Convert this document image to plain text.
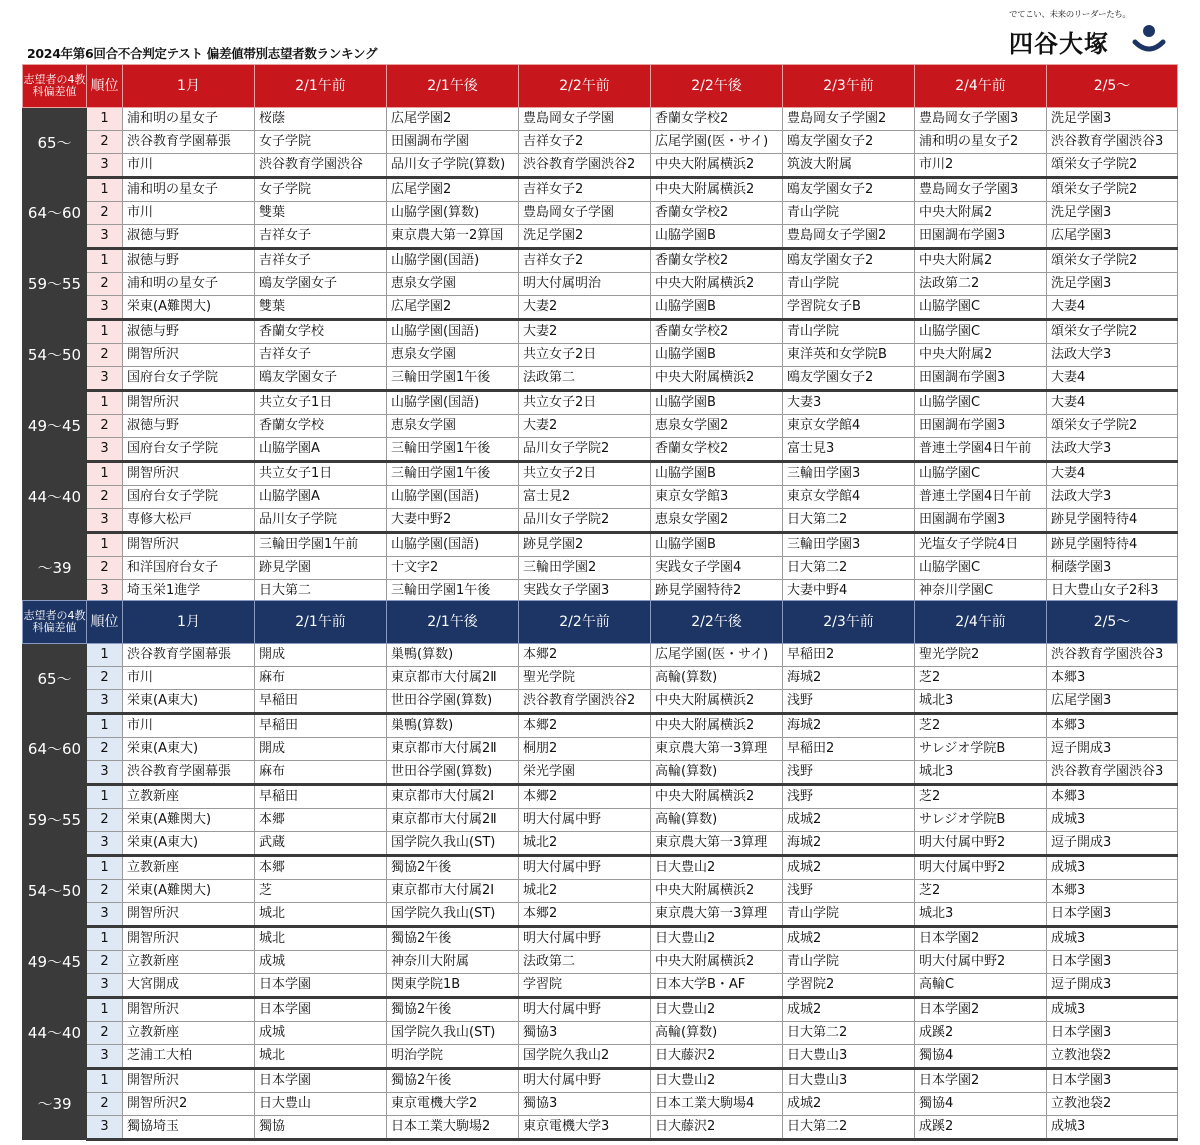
2024年第6回合不合判定テスト 偏差値帯別志望者数ランキング
でてこい、未来のリーダーたち。
四谷大塚
志望者の4教科偏差値	順位	1月	2/1午前	2/1午後	2/2午前	2/2午後	2/3午前	2/4午前	2/5～
65～	1	浦和明の星女子	桜蔭	広尾学園2	豊島岡女子学園	香蘭女学校2	豊島岡女子学園2	豊島岡女子学園3	洗足学園3
	2	渋谷教育学園幕張	女子学院	田園調布学園	吉祥女子2	広尾学園(医・サイ)	鴎友学園女子2	浦和明の星女子2	渋谷教育学園渋谷3
	3	市川	渋谷教育学園渋谷	品川女子学院(算数)	渋谷教育学園渋谷2	中央大附属横浜2	筑波大附属	市川2	頌栄女子学院2
64～60	1	浦和明の星女子	女子学院	広尾学園2	吉祥女子2	中央大附属横浜2	鴎友学園女子2	豊島岡女子学園3	頌栄女子学院2
	2	市川	雙葉	山脇学園(算数)	豊島岡女子学園	香蘭女学校2	青山学院	中央大附属2	洗足学園3
	3	淑徳与野	吉祥女子	東京農大第一2算国	洗足学園2	山脇学園B	豊島岡女子学園2	田園調布学園3	広尾学園3
59～55	1	淑徳与野	吉祥女子	山脇学園(国語)	吉祥女子2	香蘭女学校2	鴎友学園女子2	中央大附属2	頌栄女子学院2
	2	浦和明の星女子	鴎友学園女子	恵泉女学園	明大付属明治	中央大附属横浜2	青山学院	法政第二2	洗足学園3
	3	栄東(A難関大)	雙葉	広尾学園2	大妻2	山脇学園B	学習院女子B	山脇学園C	大妻4
54～50	1	淑徳与野	香蘭女学校	山脇学園(国語)	大妻2	香蘭女学校2	青山学院	山脇学園C	頌栄女子学院2
	2	開智所沢	吉祥女子	恵泉女学園	共立女子2日	山脇学園B	東洋英和女学院B	中央大附属2	法政大学3
	3	国府台女子学院	鴎友学園女子	三輪田学園1午後	法政第二	中央大附属横浜2	鴎友学園女子2	田園調布学園3	大妻4
49～45	1	開智所沢	共立女子1日	山脇学園(国語)	共立女子2日	山脇学園B	大妻3	山脇学園C	大妻4
	2	淑徳与野	香蘭女学校	恵泉女学園	大妻2	恵泉女学園2	東京女学館4	田園調布学園3	頌栄女子学院2
	3	国府台女子学院	山脇学園A	三輪田学園1午後	品川女子学院2	香蘭女学校2	富士見3	普連土学園4日午前	法政大学3
44～40	1	開智所沢	共立女子1日	三輪田学園1午後	共立女子2日	山脇学園B	三輪田学園3	山脇学園C	大妻4
	2	国府台女子学院	山脇学園A	山脇学園(国語)	富士見2	東京女学館3	東京女学館4	普連土学園4日午前	法政大学3
	3	専修大松戸	品川女子学院	大妻中野2	品川女子学院2	恵泉女学園2	日大第二2	田園調布学園3	跡見学園特待4
～39	1	開智所沢	三輪田学園1午前	山脇学園(国語)	跡見学園2	山脇学園B	三輪田学園3	光塩女子学院4日	跡見学園特待4
	2	和洋国府台女子	跡見学園	十文字2	三輪田学園2	実践女子学園4	日大第二2	山脇学園C	桐蔭学園3
	3	埼玉栄1進学	日大第二	三輪田学園1午後	実践女子学園3	跡見学園特待2	大妻中野4	神奈川学園C	日大豊山女子2科3
志望者の4教科偏差値	順位	1月	2/1午前	2/1午後	2/2午前	2/2午後	2/3午前	2/4午前	2/5～
65～	1	渋谷教育学園幕張	開成	巣鴨(算数)	本郷2	広尾学園(医・サイ)	早稲田2	聖光学院2	渋谷教育学園渋谷3
	2	市川	麻布	東京都市大付属2Ⅱ	聖光学院	高輪(算数)	海城2	芝2	本郷3
	3	栄東(A東大)	早稲田	世田谷学園(算数)	渋谷教育学園渋谷2	中央大附属横浜2	浅野	城北3	広尾学園3
64～60	1	市川	早稲田	巣鴨(算数)	本郷2	中央大附属横浜2	海城2	芝2	本郷3
	2	栄東(A東大)	開成	東京都市大付属2Ⅱ	桐朋2	東京農大第一3算理	早稲田2	サレジオ学院B	逗子開成3
	3	渋谷教育学園幕張	麻布	世田谷学園(算数)	栄光学園	高輪(算数)	浅野	城北3	渋谷教育学園渋谷3
59～55	1	立教新座	早稲田	東京都市大付属2Ⅰ	本郷2	中央大附属横浜2	浅野	芝2	本郷3
	2	栄東(A難関大)	本郷	東京都市大付属2Ⅱ	明大付属中野	高輪(算数)	成城2	サレジオ学院B	成城3
	3	栄東(A東大)	武蔵	国学院久我山(ST)	城北2	東京農大第一3算理	海城2	明大付属中野2	逗子開成3
54～50	1	立教新座	本郷	獨協2午後	明大付属中野	日大豊山2	成城2	明大付属中野2	成城3
	2	栄東(A難関大)	芝	東京都市大付属2Ⅰ	城北2	中央大附属横浜2	浅野	芝2	本郷3
	3	開智所沢	城北	国学院久我山(ST)	本郷2	東京農大第一3算理	青山学院	城北3	日本学園3
49～45	1	開智所沢	城北	獨協2午後	明大付属中野	日大豊山2	成城2	日本学園2	成城3
	2	立教新座	成城	神奈川大附属	法政第二	中央大附属横浜2	青山学院	明大付属中野2	日本学園3
	3	大宮開成	日本学園	関東学院1B	学習院	日本大学B・AF	学習院2	高輪C	逗子開成3
44～40	1	開智所沢	日本学園	獨協2午後	明大付属中野	日大豊山2	成城2	日本学園2	成城3
	2	立教新座	成城	国学院久我山(ST)	獨協3	高輪(算数)	日大第二2	成蹊2	日本学園3
	3	芝浦工大柏	城北	明治学院	国学院久我山2	日大藤沢2	日大豊山3	獨協4	立教池袋2
～39	1	開智所沢	日本学園	獨協2午後	明大付属中野	日大豊山2	日大豊山3	日本学園2	日本学園3
	2	開智所沢2	日大豊山	東京電機大学2	獨協3	日本工業大駒場4	成城2	獨協4	立教池袋2
	3	獨協埼玉	獨協	日本工業大駒場2	東京電機大学3	日大藤沢2	日大第二2	成蹊2	成城3
